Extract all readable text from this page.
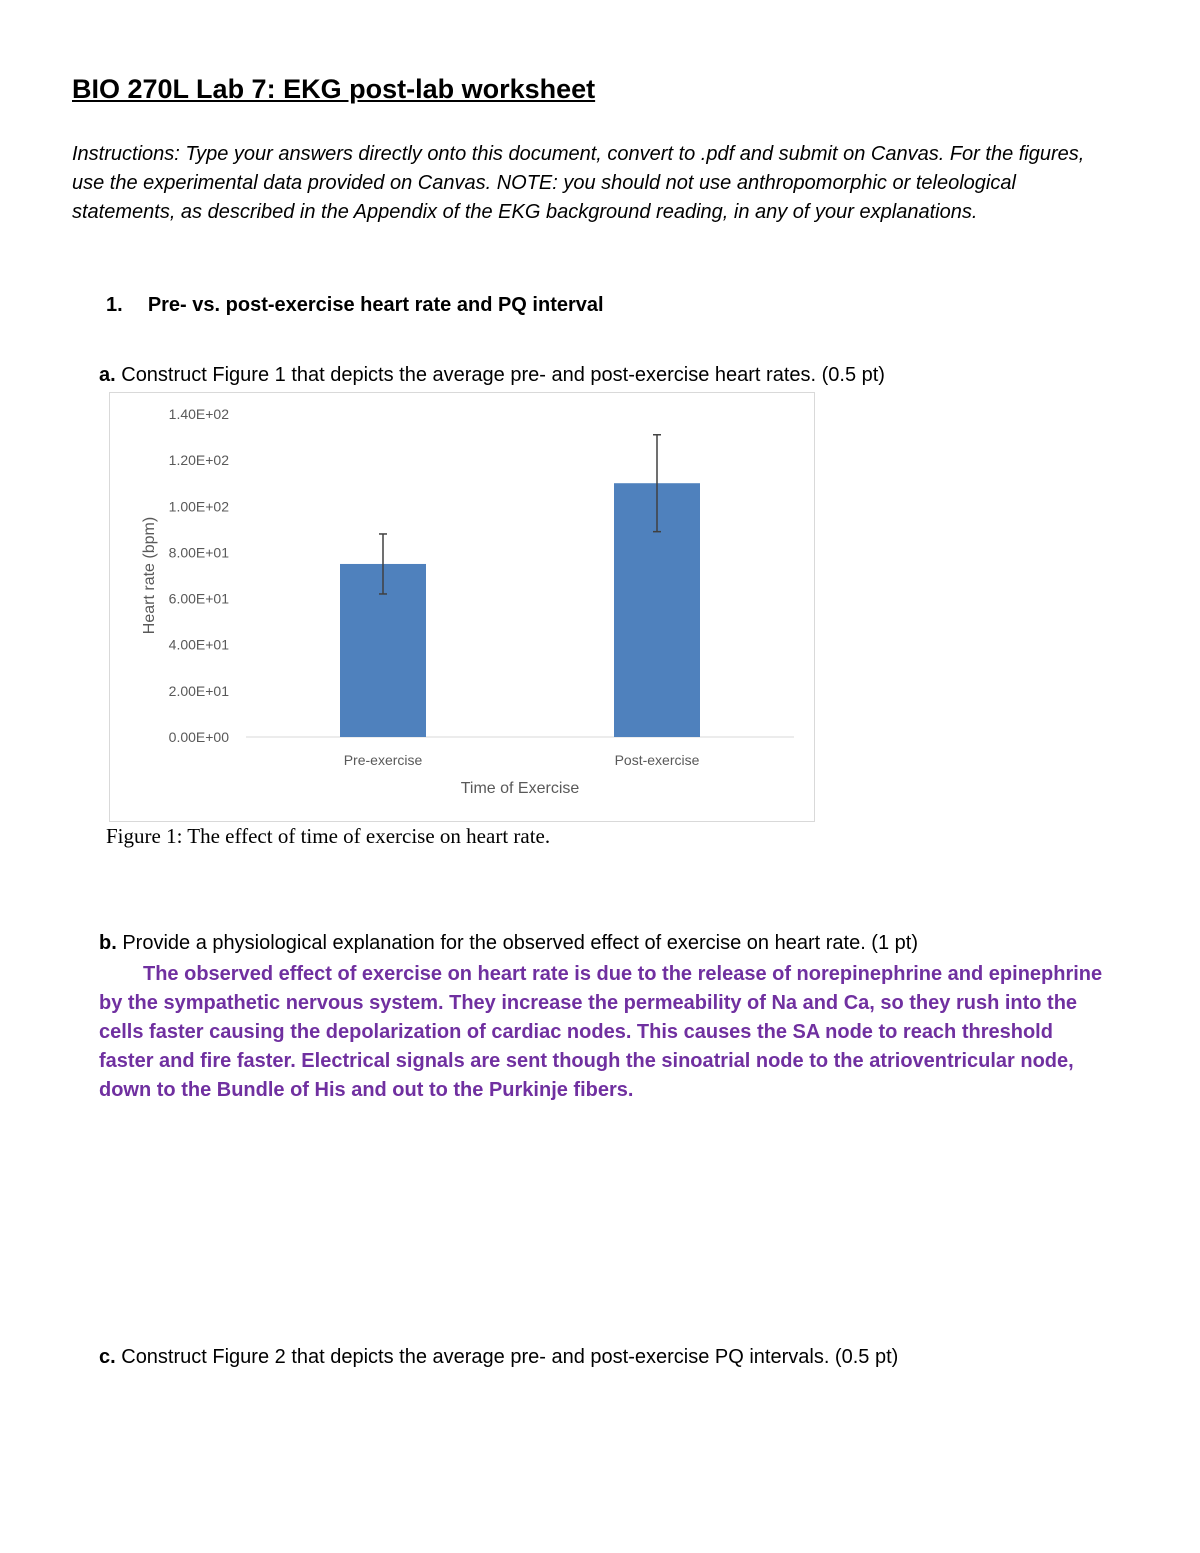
BIO 270L Lab 7: EKG post-lab worksheet
Instructions: Type your answers directly onto this document, convert to .pdf and submit on Canvas. For the figures, use the experimental data provided on Canvas. NOTE: you should not use anthropomorphic or teleological statements, as described in the Appendix of the EKG background reading, in any of your explanations.
1. Pre- vs. post-exercise heart rate and PQ interval
a. Construct Figure 1 that depicts the average pre- and post-exercise heart rates. (0.5 pt)
0.00E+00
2.00E+01
4.00E+01
6.00E+01
8.00E+01
1.00E+02
1.20E+02
1.40E+02
Pre-exercise	Post-exercise
Time of Exercise
Heart rate (bpm)
Figure 1: The effect of time of exercise on heart rate.
b. Provide a physiological explanation for the observed effect of exercise on heart rate. (1 pt)
The observed effect of exercise on heart rate is due to the release of norepinephrine and epinephrine by the sympathetic nervous system. They increase the permeability of Na and Ca, so they rush into the cells faster causing the depolarization of cardiac nodes. This causes the SA node to reach threshold faster and fire faster. Electrical signals are sent though the sinoatrial node to the atrioventricular node, down to the Bundle of His and out to the Purkinje fibers.
c. Construct Figure 2 that depicts the average pre- and post-exercise PQ intervals. (0.5 pt)
